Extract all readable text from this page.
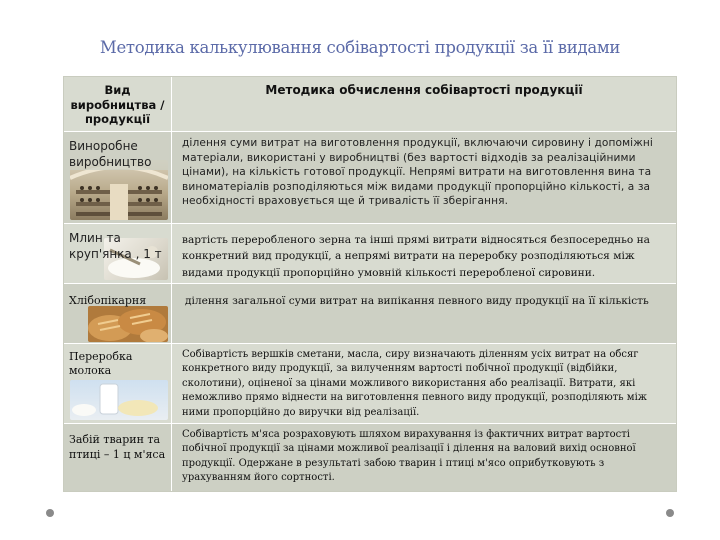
Методика калькулювання собівартості продукції за її видами
Вид виробництва / продукції
Методика обчислення собівартості продукції
Виноробне виробництво
ділення суми витрат на виготовлення продукції, включаючи сировину і допоміжні матеріали, використані у виробництві (без вартості відходів за реалізаційними цінами), на кількість готової продукції. Непрямі витрати на виготовлення вина та виноматеріалів розподіляються між видами продукції пропорційно кількості, а за необхідності враховується ще й тривалість її зберігання.
Млин та круп'янка , 1 т
вартість переробленого зерна та інші прямі витрати відносяться безпосередньо на конкретний вид продукції, а непрямі витрати на переробку розподіляються між видами продукції пропорційно умовній кількості переробленої сировини.
Хлібопікарня	ділення загальної суми витрат на випікання певного виду продукції на її кількість
Переробка молока
Собівартість вершків сметани, масла, сиру визначають діленням усіх витрат на обсяг конкретного виду продукції, за вилученням вартості побічної продукції (відбійки, сколотини), оціненої за цінами можливого використання або реалізації. Витрати, які неможливо прямо віднести на виготовлення певного виду продукції, розподіляють між ними пропорційно до виручки від реалізації.
Забій тварин та птиці – 1 ц м'яса
Собівартість м'яса розраховують шляхом вирахування із фактичних витрат вартості побічної продукції за цінами можливої реалізації і ділення на валовий вихід основної продукції. Одержане в результаті забою тварин і птиці м'ясо оприбутковують з урахуванням його сортності.
